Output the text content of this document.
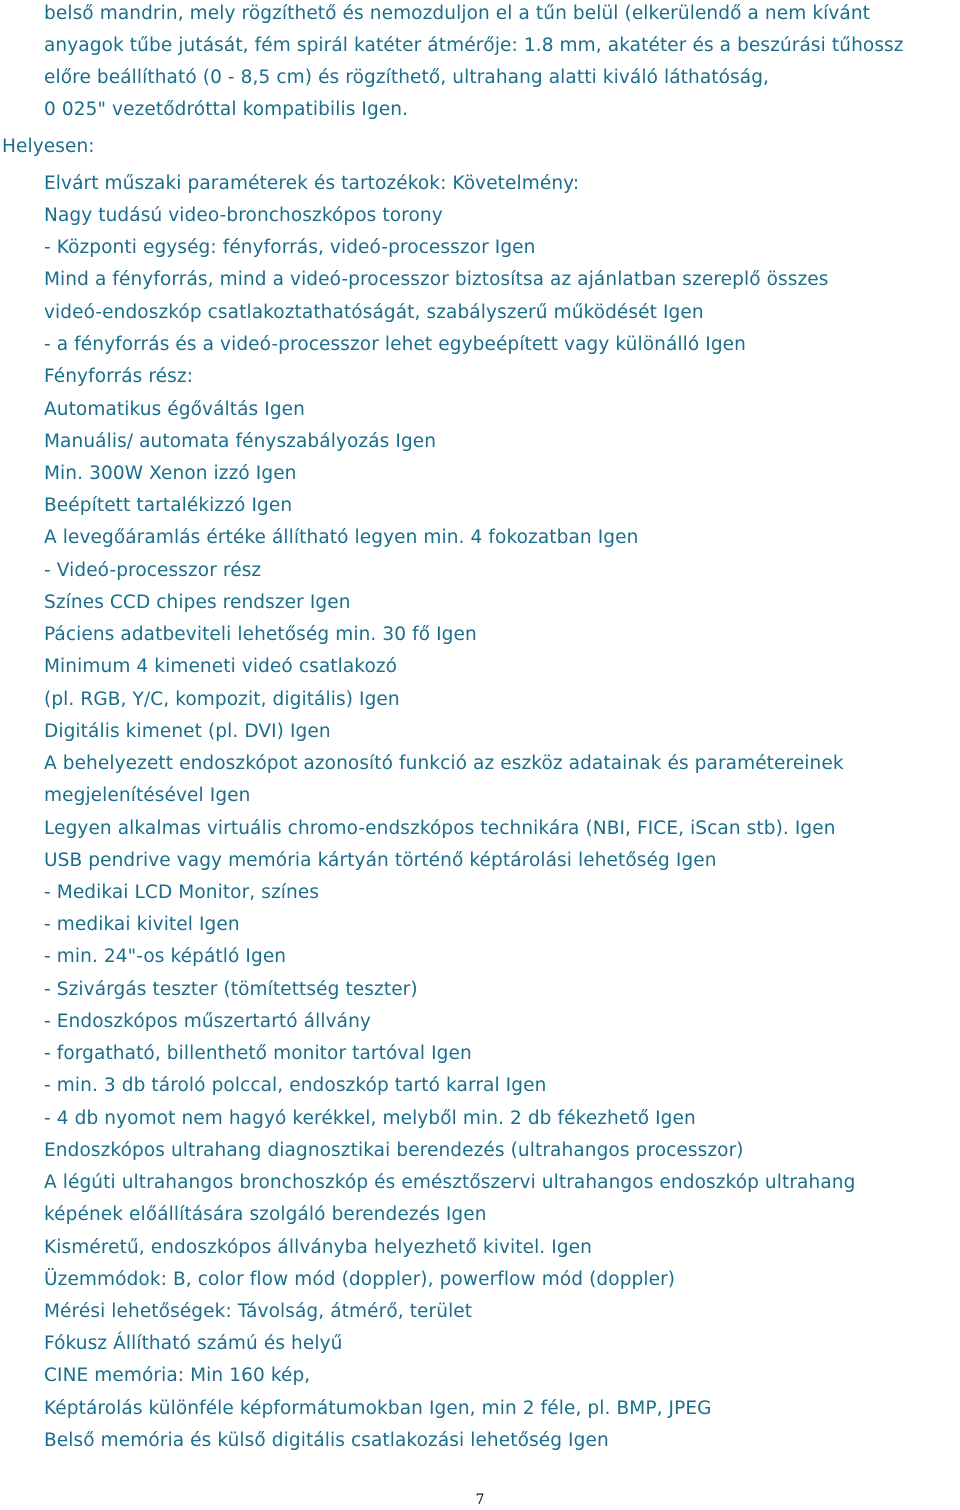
belső mandrin, mely rögzíthető és nemozduljon el a tűn belül (elkerülendő a nem kívánt
anyagok tűbe jutását, fém spirál katéter átmérője: 1.8 mm, akatéter és a beszúrási tűhossz
előre beállítható (0 - 8,5 cm) és rögzíthető, ultrahang alatti kiváló láthatóság,
0 025" vezetődróttal kompatibilis Igen.
Helyesen:
Elvárt műszaki paraméterek és tartozékok: Követelmény:
Nagy tudású video-bronchoszkópos torony
- Központi egység: fényforrás, videó-processzor Igen
Mind a fényforrás, mind a videó-processzor biztosítsa az ajánlatban szereplő összes
videó-endoszkóp csatlakoztathatóságát, szabályszerű működését Igen
- a fényforrás és a videó-processzor lehet egybeépített vagy különálló Igen
Fényforrás rész:
Automatikus égőváltás Igen
Manuális/ automata fényszabályozás Igen
Min. 300W Xenon izzó Igen
Beépített tartalékizzó Igen
A levegőáramlás értéke állítható legyen min. 4 fokozatban Igen
- Videó-processzor rész
Színes CCD chipes rendszer Igen
Páciens adatbeviteli lehetőség min. 30 fő Igen
Minimum 4 kimeneti videó csatlakozó
(pl. RGB, Y/C, kompozit, digitális) Igen
Digitális kimenet (pl. DVI) Igen
A behelyezett endoszkópot azonosító funkció az eszköz adatainak és paramétereinek
megjelenítésével Igen
Legyen alkalmas virtuális chromo-endszkópos technikára (NBI, FICE, iScan stb). Igen
USB pendrive vagy memória kártyán történő képtárolási lehetőség Igen
- Medikai LCD Monitor, színes
- medikai kivitel Igen
- min. 24"-os képátló Igen
- Szivárgás teszter (tömítettség teszter)
- Endoszkópos műszertartó állvány
- forgatható, billenthető monitor tartóval Igen
- min. 3 db tároló polccal, endoszkóp tartó karral Igen
- 4 db nyomot nem hagyó kerékkel, melyből min. 2 db fékezhető Igen
Endoszkópos ultrahang diagnosztikai berendezés (ultrahangos processzor)
A légúti ultrahangos bronchoszkóp és emésztőszervi ultrahangos endoszkóp ultrahang
képének előállítására szolgáló berendezés Igen
Kisméretű, endoszkópos állványba helyezhető kivitel. Igen
Üzemmódok: B, color flow mód (doppler), powerflow mód (doppler)
Mérési lehetőségek: Távolság, átmérő, terület
Fókusz Állítható számú és helyű
CINE memória: Min 160 kép,
Képtárolás különféle képformátumokban Igen, min 2 féle, pl. BMP, JPEG
Belső memória és külső digitális csatlakozási lehetőség Igen
7
